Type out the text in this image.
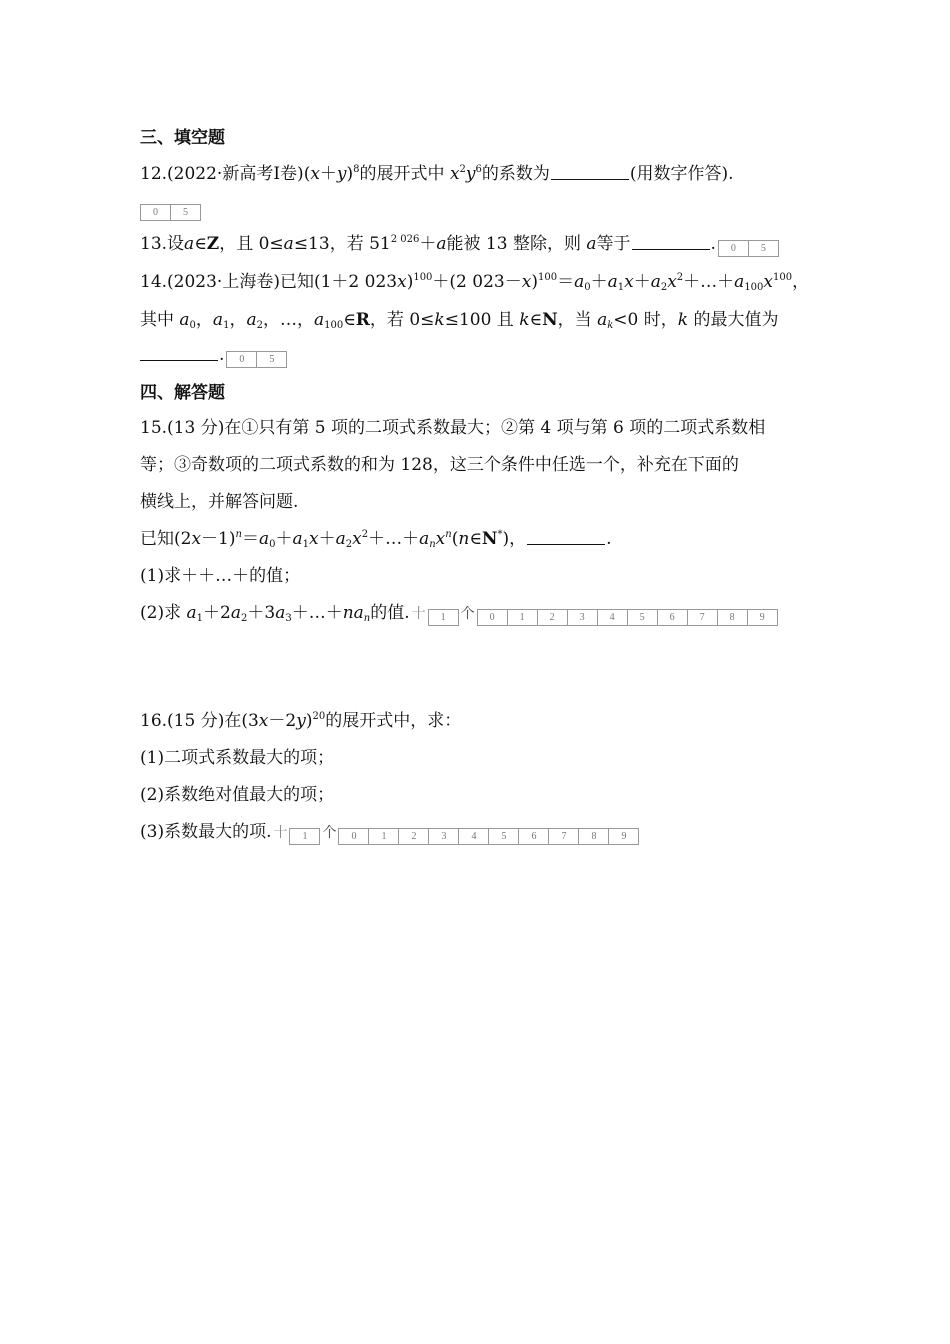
三、填空题
12.(2022·新高考Ⅰ卷)$(x+y)^8$的展开式中 $x^2y^6$的系数为	(用数字作答).
0	5
13.设a∈Z，且 0≤a≤13，若 $51^{2 026}+a$能被 13 整除，则 a等于	.	0	5
14.(2023·上海卷)已知(1＋2 023x)$^{100}$＋(2 $023-x)^{100}=a_0+a_1x+a_2x^2+\dots+a_{100}x^{100}$，
其中 $a_0$，$a_1$，$a_2$，…，$a_{100}\in R$，若 0≤k≤100 且 k∈N，当 $a_k<0$ 时，k 的最大值为
.	0	5
四、解答题
15.(13 分)在①只有第 5 项的二项式系数最大；②第 4 项与第 6 项的二项式系数相
等；③奇数项的二项式系数的和为 128，这三个条件中任选一个，补充在下面的
横线上，并解答问题.
已知$(2x-1)^n=a_0+a_1x+a_2x^2+\dots+a_nx^n(n\in N^*)$，	.
(1)求＋＋…＋的值；
(2)求 $a_1+2a_2+3a_3+\dots+na_n$的值. 十	1	个	0	1	2	3	4	5	6	7	8	9
16.(15 分)在$(3x-2y)^{20}$的展开式中，求：
(1)二项式系数最大的项；
(2)系数绝对值最大的项；
(3)系数最大的项. 十	1	个	0	1	2	3	4	5	6	7	8	9
